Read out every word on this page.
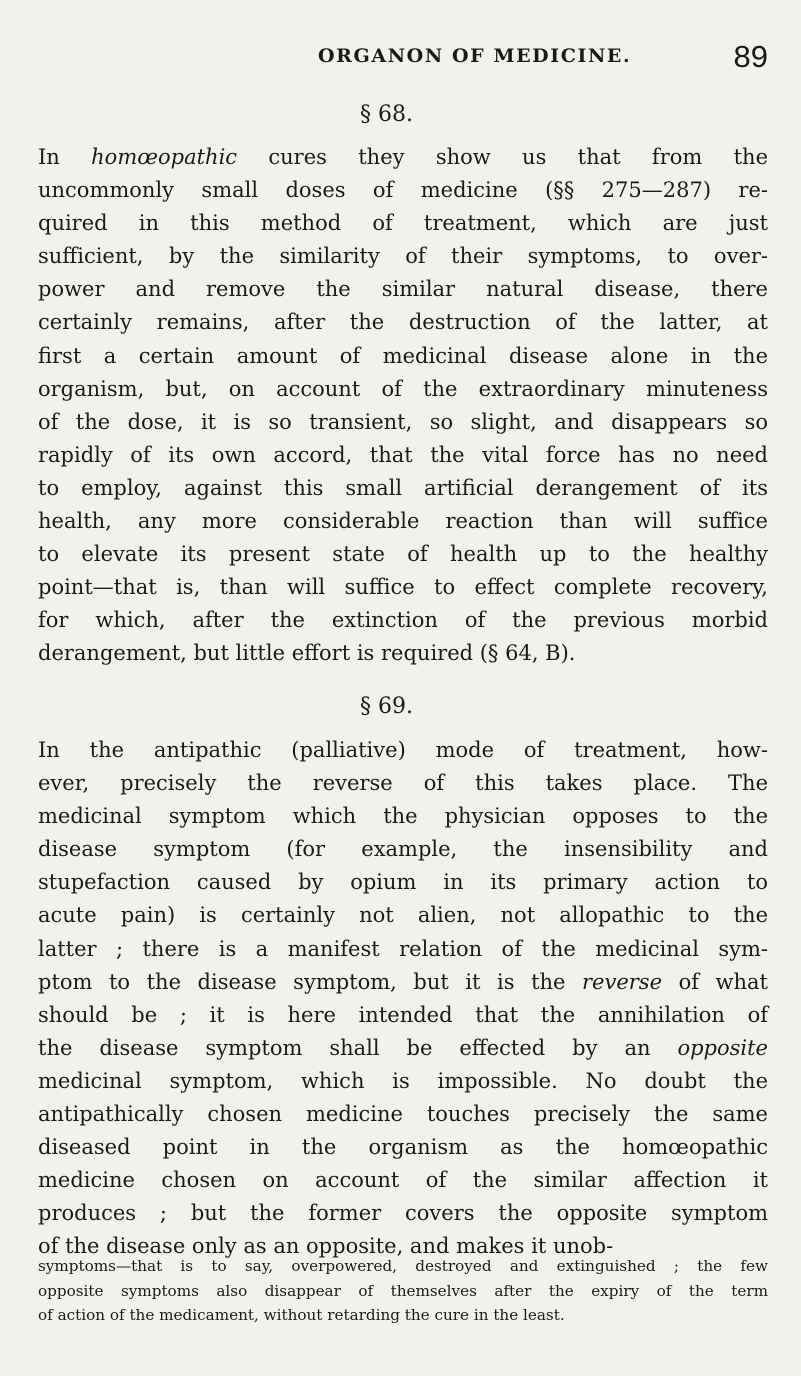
ORGANON OF MEDICINE.	89
§ 68.

In homœopathic cures they show us that from the
uncommonly small doses of medicine (§§ 275—287) re-
quired in this method of treatment, which are just
sufficient, by the similarity of their symptoms, to over-
power and remove the similar natural disease, there
certainly remains, after the destruction of the latter, at
first a certain amount of medicinal disease alone in the
organism, but, on account of the extraordinary minuteness
of the dose, it is so transient, so slight, and disappears so
rapidly of its own accord, that the vital force has no need
to employ, against this small artificial derangement of its
health, any more considerable reaction than will suffice
to elevate its present state of health up to the healthy
point—that is, than will suffice to effect complete recovery,
for which, after the extinction of the previous morbid
derangement, but little effort is required (§ 64, B).

§ 69.

In the antipathic (palliative) mode of treatment, how-
ever, precisely the reverse of this takes place. The
medicinal symptom which the physician opposes to the
disease symptom (for example, the insensibility and
stupefaction caused by opium in its primary action to
acute pain) is certainly not alien, not allopathic to the
latter ; there is a manifest relation of the medicinal sym-
ptom to the disease symptom, but it is the reverse of what
should be ; it is here intended that the annihilation of
the disease symptom shall be effected by an opposite
medicinal symptom, which is impossible. No doubt the
antipathically chosen medicine touches precisely the same
diseased point in the organism as the homœopathic
medicine chosen on account of the similar affection it
produces ; but the former covers the opposite symptom
of the disease only as an opposite, and makes it unob-

symptoms—that is to say, overpowered, destroyed and extinguished ; the few
opposite symptoms also disappear of themselves after the expiry of the term
of action of the medicament, without retarding the cure in the least.
